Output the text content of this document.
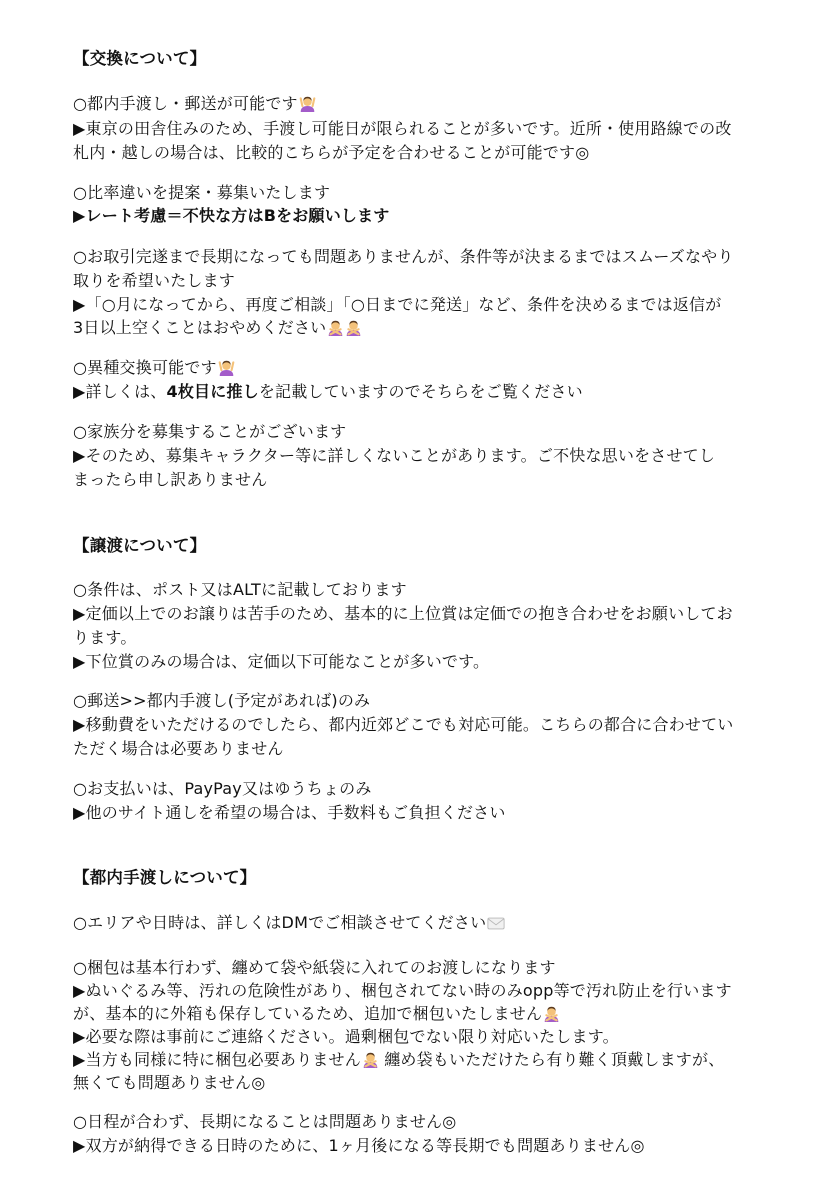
【交換について】

○都内手渡し・郵送が可能です

▶東京の田舎住みのため、手渡し可能日が限られることが多いです。近所・使用路線での改

札内・越しの場合は、比較的こちらが予定を合わせることが可能です◎

○比率違いを提案・募集いたします

▶レート考慮＝不快な方はBをお願いします

○お取引完遂まで長期になっても問題ありませんが、条件等が決まるまではスムーズなやり

取りを希望いたします

▶「○月になってから、再度ご相談」「○日までに発送」など、条件を決めるまでは返信が

3日以上空くことはおやめください

○異種交換可能です

▶詳しくは、4枚目に推しを記載していますのでそちらをご覧ください

○家族分を募集することがございます

▶そのため、募集キャラクター等に詳しくないことがあります。ご不快な思いをさせてし

まったら申し訳ありません

【譲渡について】

○条件は、ポスト又はALTに記載しております

▶定価以上でのお譲りは苦手のため、基本的に上位賞は定価での抱き合わせをお願いしてお

ります。

▶下位賞のみの場合は、定価以下可能なことが多いです。

○郵送>>都内手渡し(予定があれば)のみ

▶移動費をいただけるのでしたら、都内近郊どこでも対応可能。こちらの都合に合わせてい

ただく場合は必要ありません

○お支払いは、PayPay又はゆうちょのみ

▶他のサイト通しを希望の場合は、手数料もご負担ください

【都内手渡しについて】

○エリアや日時は、詳しくはDMでご相談させてください

○梱包は基本行わず、纏めて袋や紙袋に入れてのお渡しになります

▶ぬいぐるみ等、汚れの危険性があり、梱包されてない時のみopp等で汚れ防止を行います

が、基本的に外箱も保存しているため、追加で梱包いたしません

▶必要な際は事前にご連絡ください。過剰梱包でない限り対応いたします。

▶当方も同様に特に梱包必要ありません
纏め袋もいただけたら有り難く頂戴しますが、

無くても問題ありません◎

○日程が合わず、長期になることは問題ありません◎

▶双方が納得できる日時のために、1ヶ月後になる等長期でも問題ありません◎
